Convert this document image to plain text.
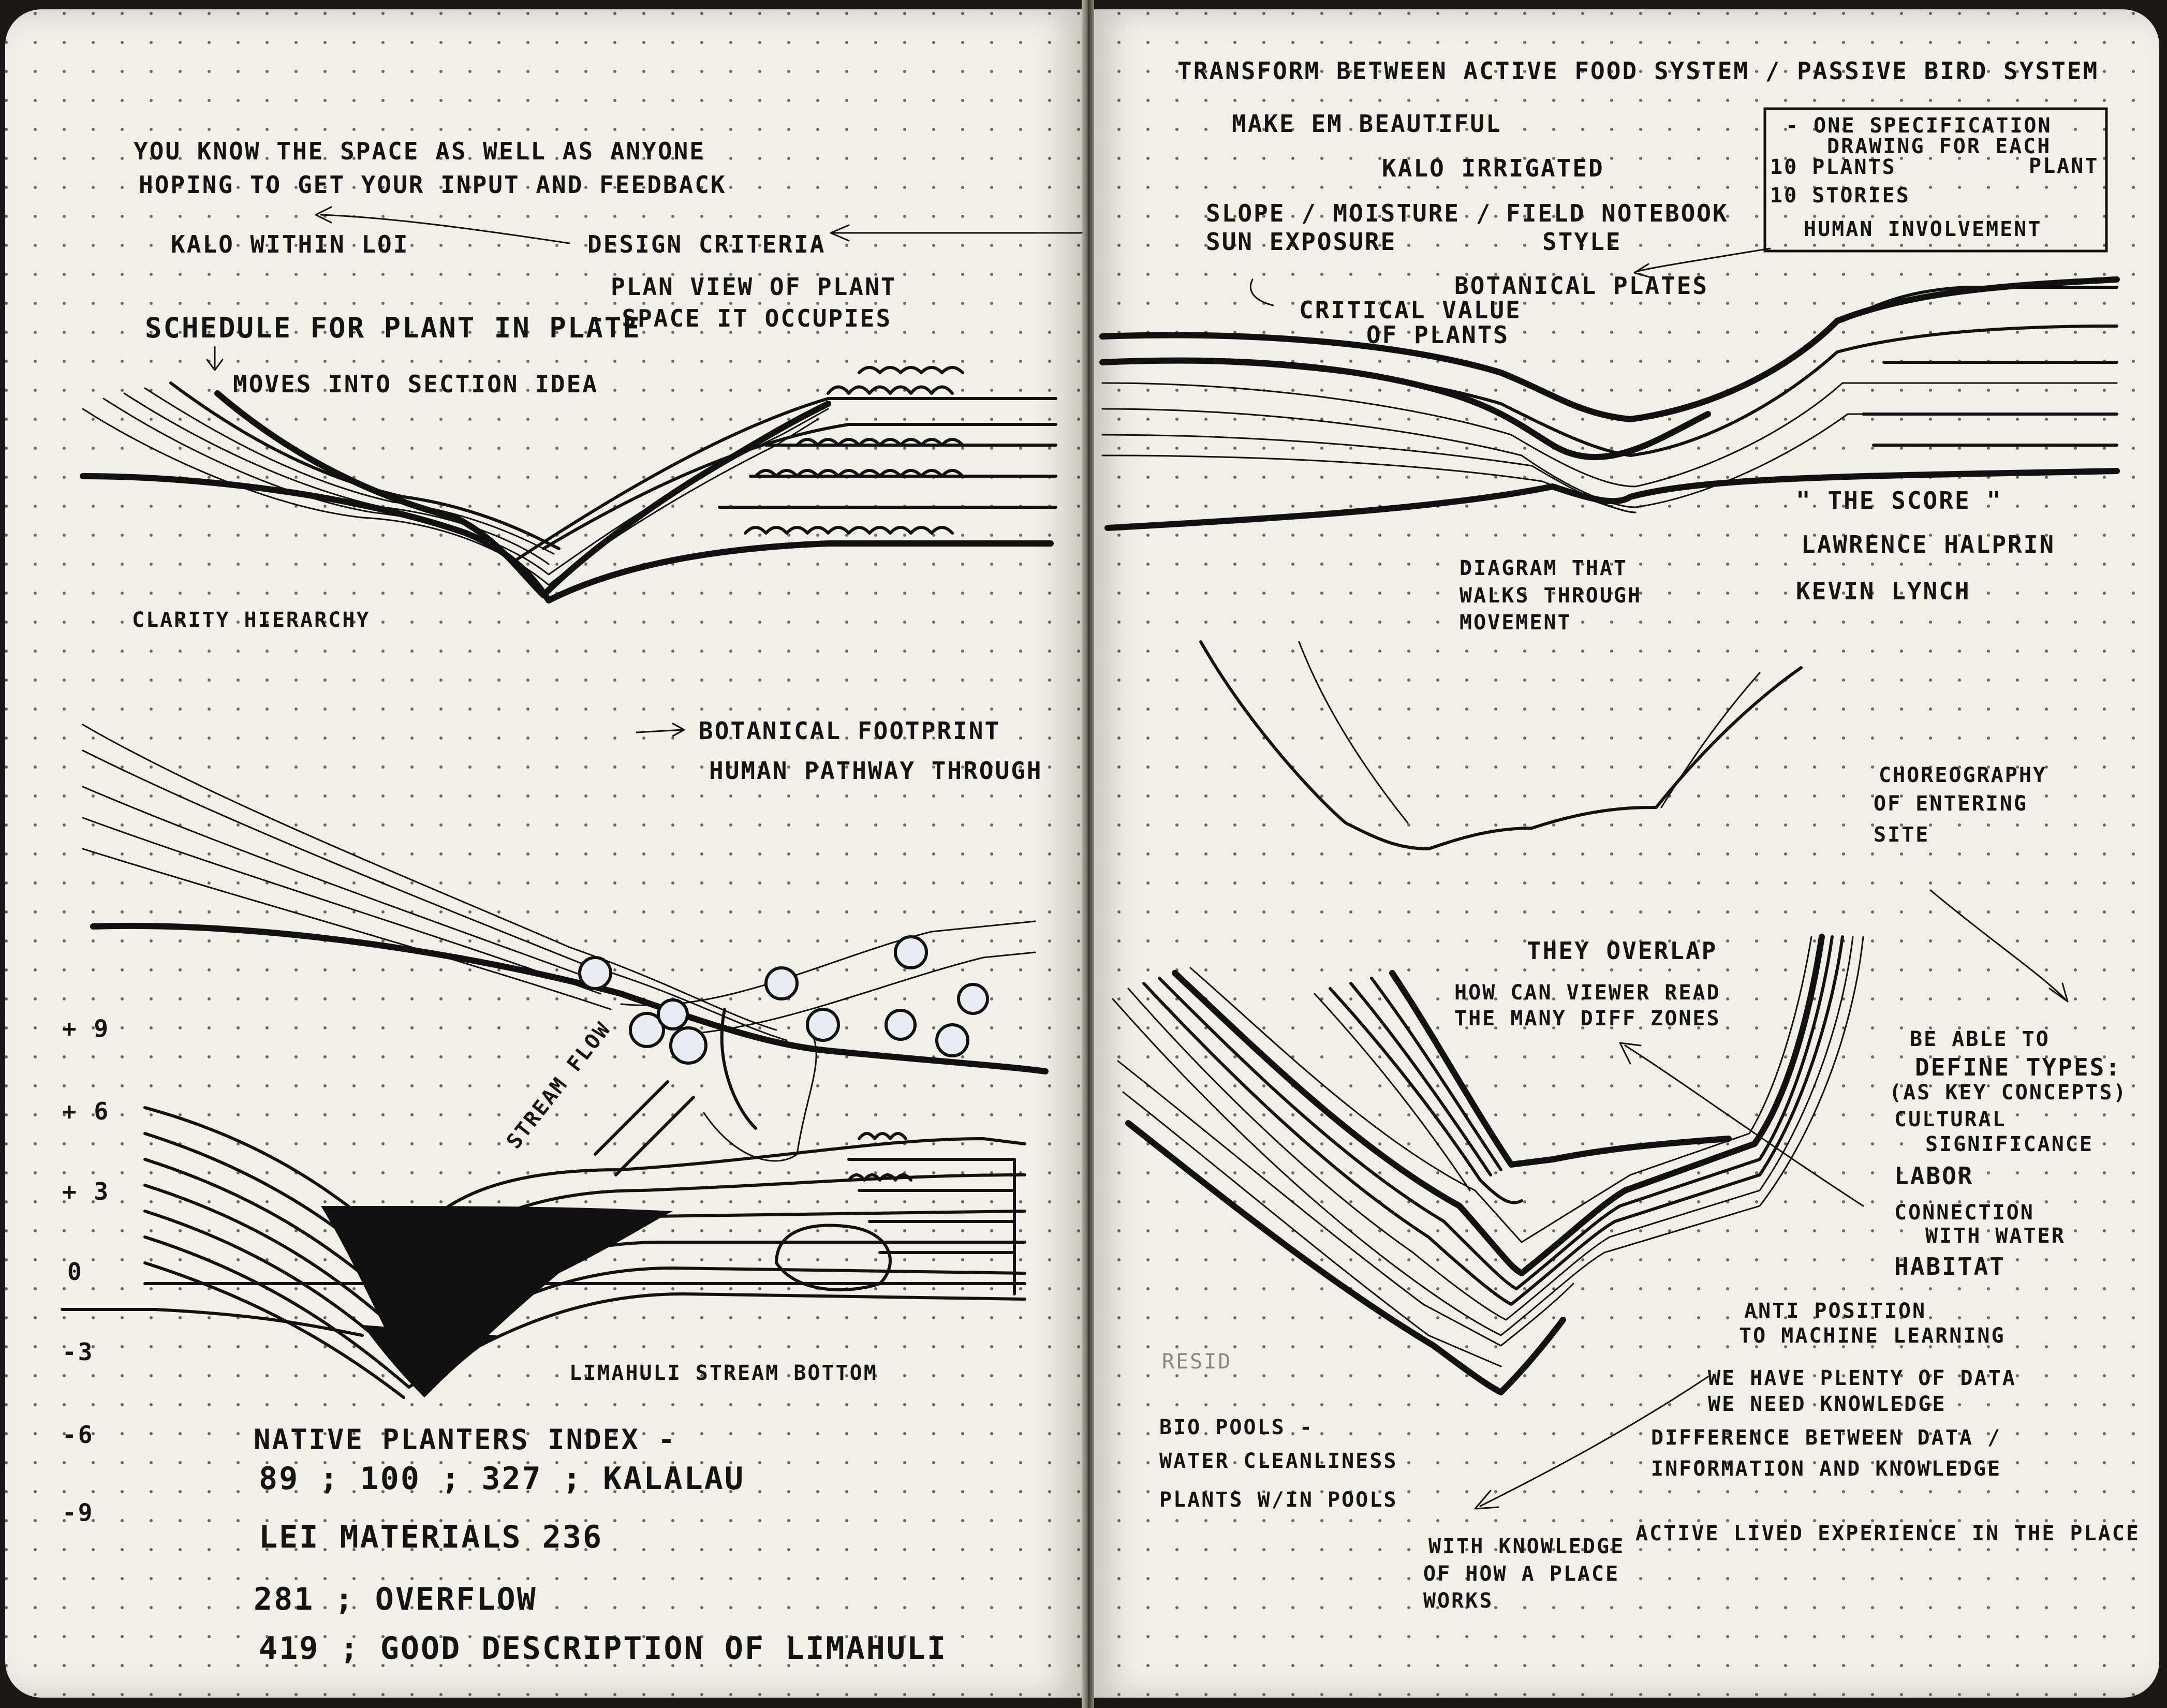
YOU KNOW THE SPACE AS WELL AS ANYONE

HOPING TO GET YOUR INPUT AND FEEDBACK

KALO WITHIN LOI	DESIGN CRITERIA

PLAN VIEW OF PLANT

- SPACE IT OCCUPIES

SCHEDULE FOR PLANT IN PLATE

MOVES INTO SECTION IDEA

CLARITY HIERARCHY

BOTANICAL FOOTPRINT

HUMAN PATHWAY THROUGH

STREAM FLOW

LIMAHULI STREAM BOTTOM

+ 9

+ 6

+ 3

0

-3

-6

-9

NATIVE PLANTERS INDEX -

89 ; 100 ; 327 ; KALALAU

LEI MATERIALS 236

281 ; OVERFLOW

419 ; GOOD DESCRIPTION OF LIMAHULI

TRANSFORM BETWEEN ACTIVE FOOD SYSTEM / PASSIVE BIRD SYSTEM

MAKE EM BEAUTIFUL

KALO IRRIGATED

SLOPE / MOISTURE /

SUN EXPOSURE

FIELD NOTEBOOK

STYLE

- ONE SPECIFICATION

DRAWING FOR EACH

10 PLANTS	PLANT

10 STORIES

HUMAN INVOLVEMENT

BOTANICAL PLATES

CRITICAL VALUE

OF PLANTS

" THE SCORE "

LAWRENCE HALPRIN

KEVIN LYNCH

DIAGRAM THAT

WALKS THROUGH

MOVEMENT

CHOREOGRAPHY

OF ENTERING

SITE

THEY OVERLAP

HOW CAN VIEWER READ

THE MANY DIFF ZONES

BE ABLE TO

DEFINE TYPES:

(AS KEY CONCEPTS)

CULTURAL

SIGNIFICANCE

LABOR

CONNECTION

WITH WATER

HABITAT

ANTI POSITION

TO MACHINE LEARNING

RESID

WE HAVE PLENTY OF DATA

WE NEED KNOWLEDGE

DIFFERENCE BETWEEN DATA /

INFORMATION AND KNOWLEDGE

BIO POOLS -

WATER CLEANLINESS

PLANTS W/IN POOLS

ACTIVE LIVED EXPERIENCE IN THE PLACE

WITH KNOWLEDGE

OF HOW A PLACE

WORKS
